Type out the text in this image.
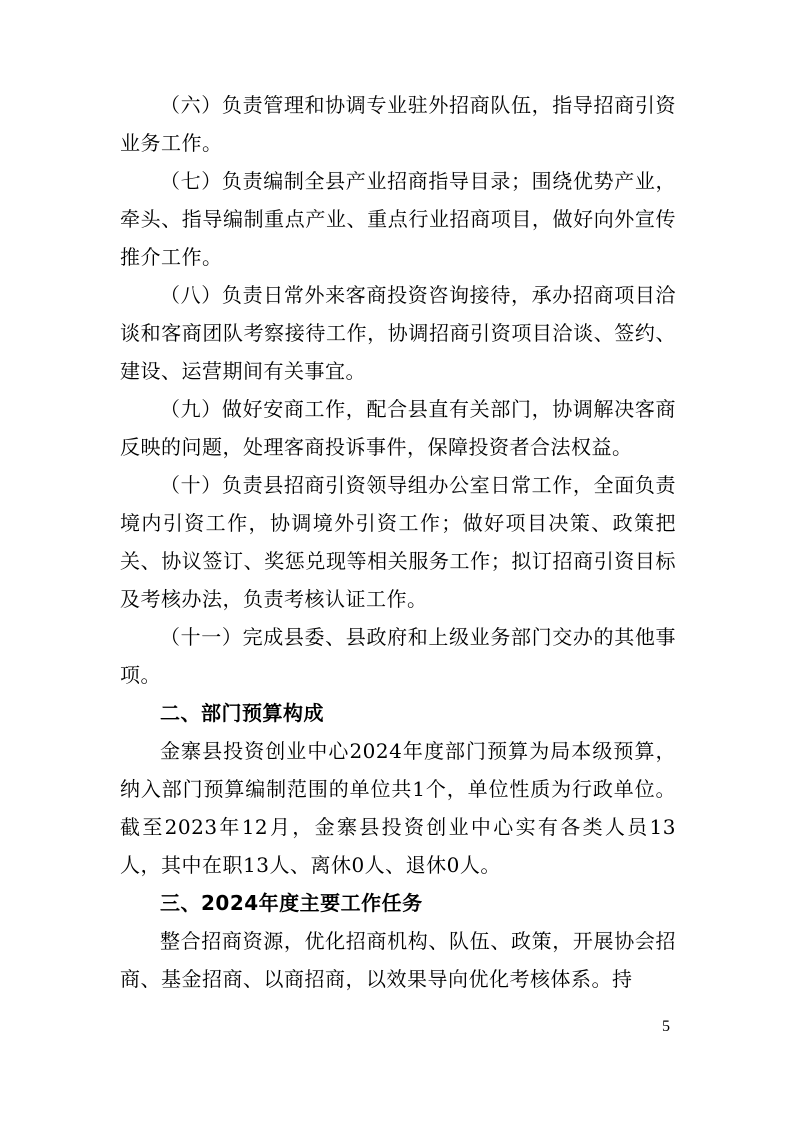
（六）负责管理和协调专业驻外招商队伍，指导招商引资业务工作。

（七）负责编制全县产业招商指导目录；围绕优势产业，牵头、指导编制重点产业、重点行业招商项目，做好向外宣传推介工作。

（八）负责日常外来客商投资咨询接待，承办招商项目洽谈和客商团队考察接待工作，协调招商引资项目洽谈、签约、建设、运营期间有关事宜。

（九）做好安商工作，配合县直有关部门，协调解决客商反映的问题，处理客商投诉事件，保障投资者合法权益。

（十）负责县招商引资领导组办公室日常工作，全面负责境内引资工作，协调境外引资工作；做好项目决策、政策把关、协议签订、奖惩兑现等相关服务工作；拟订招商引资目标及考核办法，负责考核认证工作。

（十一）完成县委、县政府和上级业务部门交办的其他事项。

二、部门预算构成

金寨县投资创业中心2024年度部门预算为局本级预算，纳入部门预算编制范围的单位共1个，单位性质为行政单位。截至2023年12月，金寨县投资创业中心实有各类人员13人，其中在职13人、离休0人、退休0人。

三、2024年度主要工作任务

整合招商资源，优化招商机构、队伍、政策，开展协会招商、基金招商、以商招商，以效果导向优化考核体系。持

5
